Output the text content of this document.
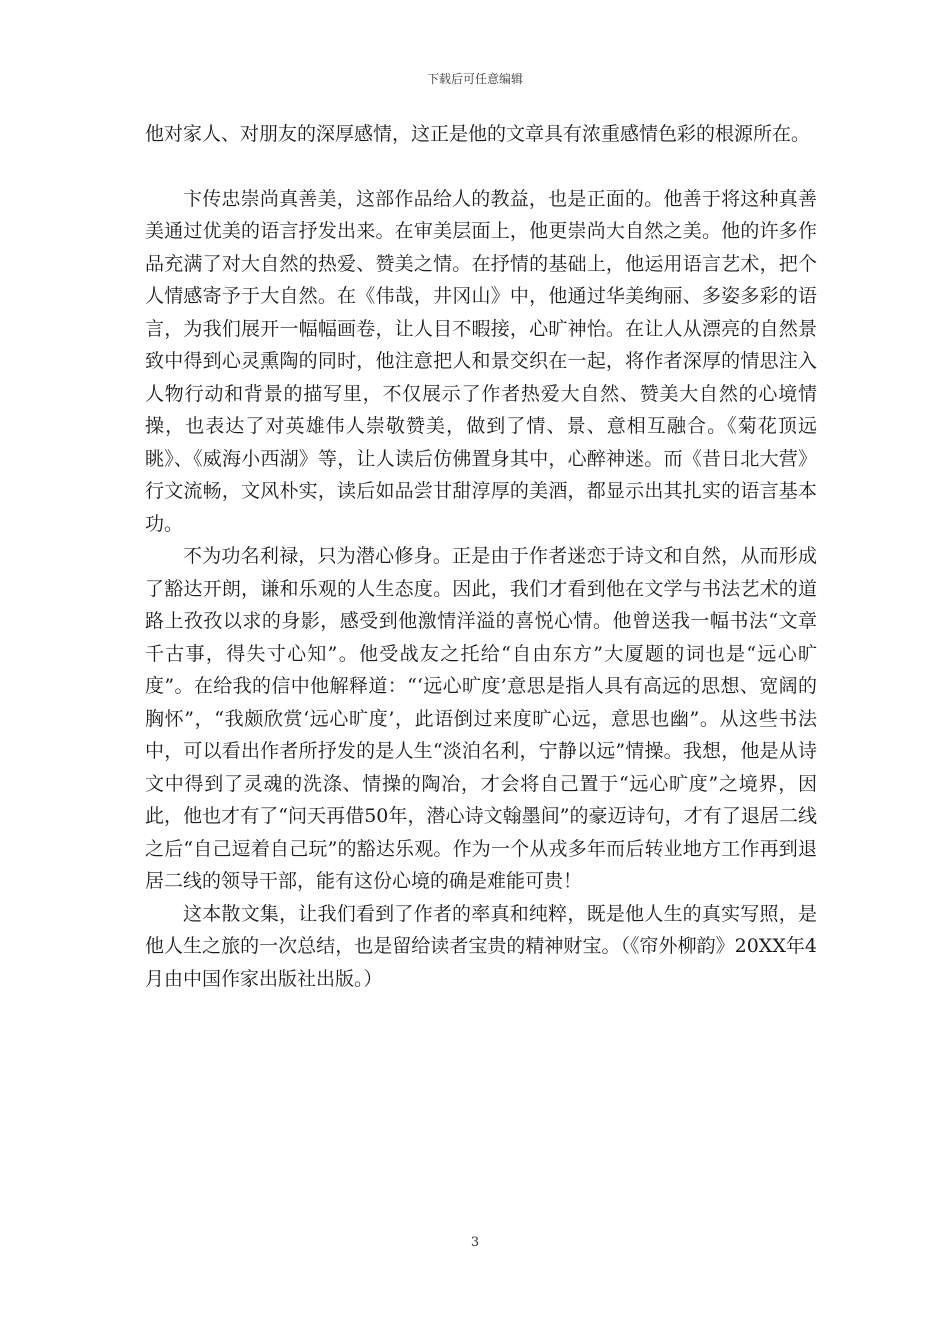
下载后可任意编辑

他对家人、对朋友的深厚感情，这正是他的文章具有浓重感情色彩的根源所在。

卞传忠崇尚真善美，这部作品给人的教益，也是正面的。他善于将这种真善美通过优美的语言抒发出来。在审美层面上，他更崇尚大自然之美。他的许多作品充满了对大自然的热爱、赞美之情。在抒情的基础上，他运用语言艺术，把个人情感寄予于大自然。在《伟哉，井冈山》中，他通过华美绚丽、多姿多彩的语言，为我们展开一幅幅画卷，让人目不暇接，心旷神怡。在让人从漂亮的自然景致中得到心灵熏陶的同时，他注意把人和景交织在一起，将作者深厚的情思注入人物行动和背景的描写里，不仅展示了作者热爱大自然、赞美大自然的心境情操，也表达了对英雄伟人崇敬赞美，做到了情、景、意相互融合。《菊花顶远眺》、《威海小西湖》等，让人读后仿佛置身其中，心醉神迷。而《昔日北大营》行文流畅，文风朴实，读后如品尝甘甜淳厚的美酒，都显示出其扎实的语言基本功。

不为功名利禄，只为潜心修身。正是由于作者迷恋于诗文和自然，从而形成了豁达开朗，谦和乐观的人生态度。因此，我们才看到他在文学与书法艺术的道路上孜孜以求的身影，感受到他激情洋溢的喜悦心情。他曾送我一幅书法“文章千古事，得失寸心知”。他受战友之托给“自由东方”大厦题的词也是“远心旷度”。在给我的信中他解释道：“‘远心旷度’意思是指人具有高远的思想、宽阔的胸怀”，“我颇欣赏‘远心旷度’，此语倒过来度旷心远，意思也幽”。从这些书法中，可以看出作者所抒发的是人生“淡泊名利，宁静以远”情操。我想，他是从诗文中得到了灵魂的洗涤、情操的陶冶，才会将自己置于“远心旷度”之境界，因此，他也才有了“问天再借50年，潜心诗文翰墨间”的豪迈诗句，才有了退居二线之后“自己逗着自己玩”的豁达乐观。作为一个从戎多年而后转业地方工作再到退居二线的领导干部，能有这份心境的确是难能可贵！

这本散文集，让我们看到了作者的率真和纯粹，既是他人生的真实写照，是他人生之旅的一次总结，也是留给读者宝贵的精神财宝。（《帘外柳韵》20XX年4月由中国作家出版社出版。）

3
